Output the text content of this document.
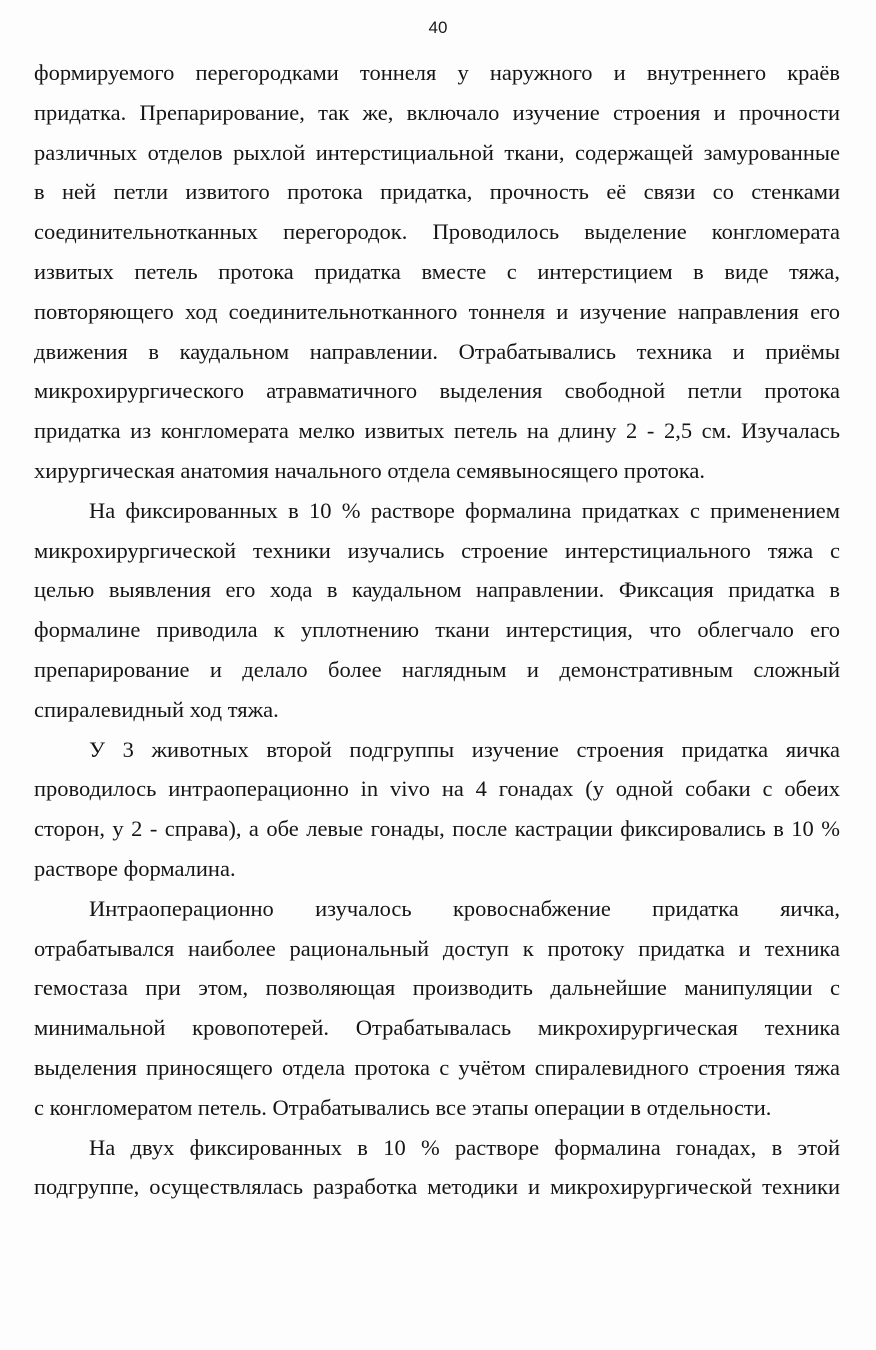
40
формируемого перегородками тоннеля у наружного и внутреннего краёв
придатка. Препарирование, так же, включало изучение строения и прочности
различных отделов рыхлой интерстициальной ткани, содержащей замурованные
в ней петли извитого протока придатка, прочность её связи со стенками
соединительнотканных перегородок. Проводилось выделение конгломерата
извитых петель протока придатка вместе с интерстицием в виде тяжа,
повторяющего ход соединительнотканного тоннеля и изучение направления его
движения в каудальном направлении. Отрабатывались техника и приёмы
микрохирургического атравматичного выделения свободной петли протока
придатка из конгломерата мелко извитых петель на длину 2 - 2,5 см. Изучалась
хирургическая анатомия начального отдела семявыносящего протока.
На фиксированных в 10 % растворе формалина придатках с применением
микрохирургической техники изучались строение интерстициального тяжа с
целью выявления его хода в каудальном направлении. Фиксация придатка в
формалине приводила к уплотнению ткани интерстиция, что облегчало его
препарирование и делало более наглядным и демонстративным сложный
спиралевидный ход тяжа.
У 3 животных второй подгруппы изучение строения придатка яичка
проводилось интраоперационно in vivo на 4 гонадах (у одной собаки с обеих
сторон, у 2 - справа), а обе левые гонады, после кастрации фиксировались в 10 %
растворе формалина.
Интраоперационно изучалось кровоснабжение придатка яичка,
отрабатывался наиболее рациональный доступ к протоку придатка и техника
гемостаза при этом, позволяющая производить дальнейшие манипуляции с
минимальной кровопотерей. Отрабатывалась микрохирургическая техника
выделения приносящего отдела протока с учётом спиралевидного строения тяжа
с конгломератом петель. Отрабатывались все этапы операции в отдельности.
На двух фиксированных в 10 % растворе формалина гонадах, в этой
подгруппе, осуществлялась разработка методики и микрохирургической техники
